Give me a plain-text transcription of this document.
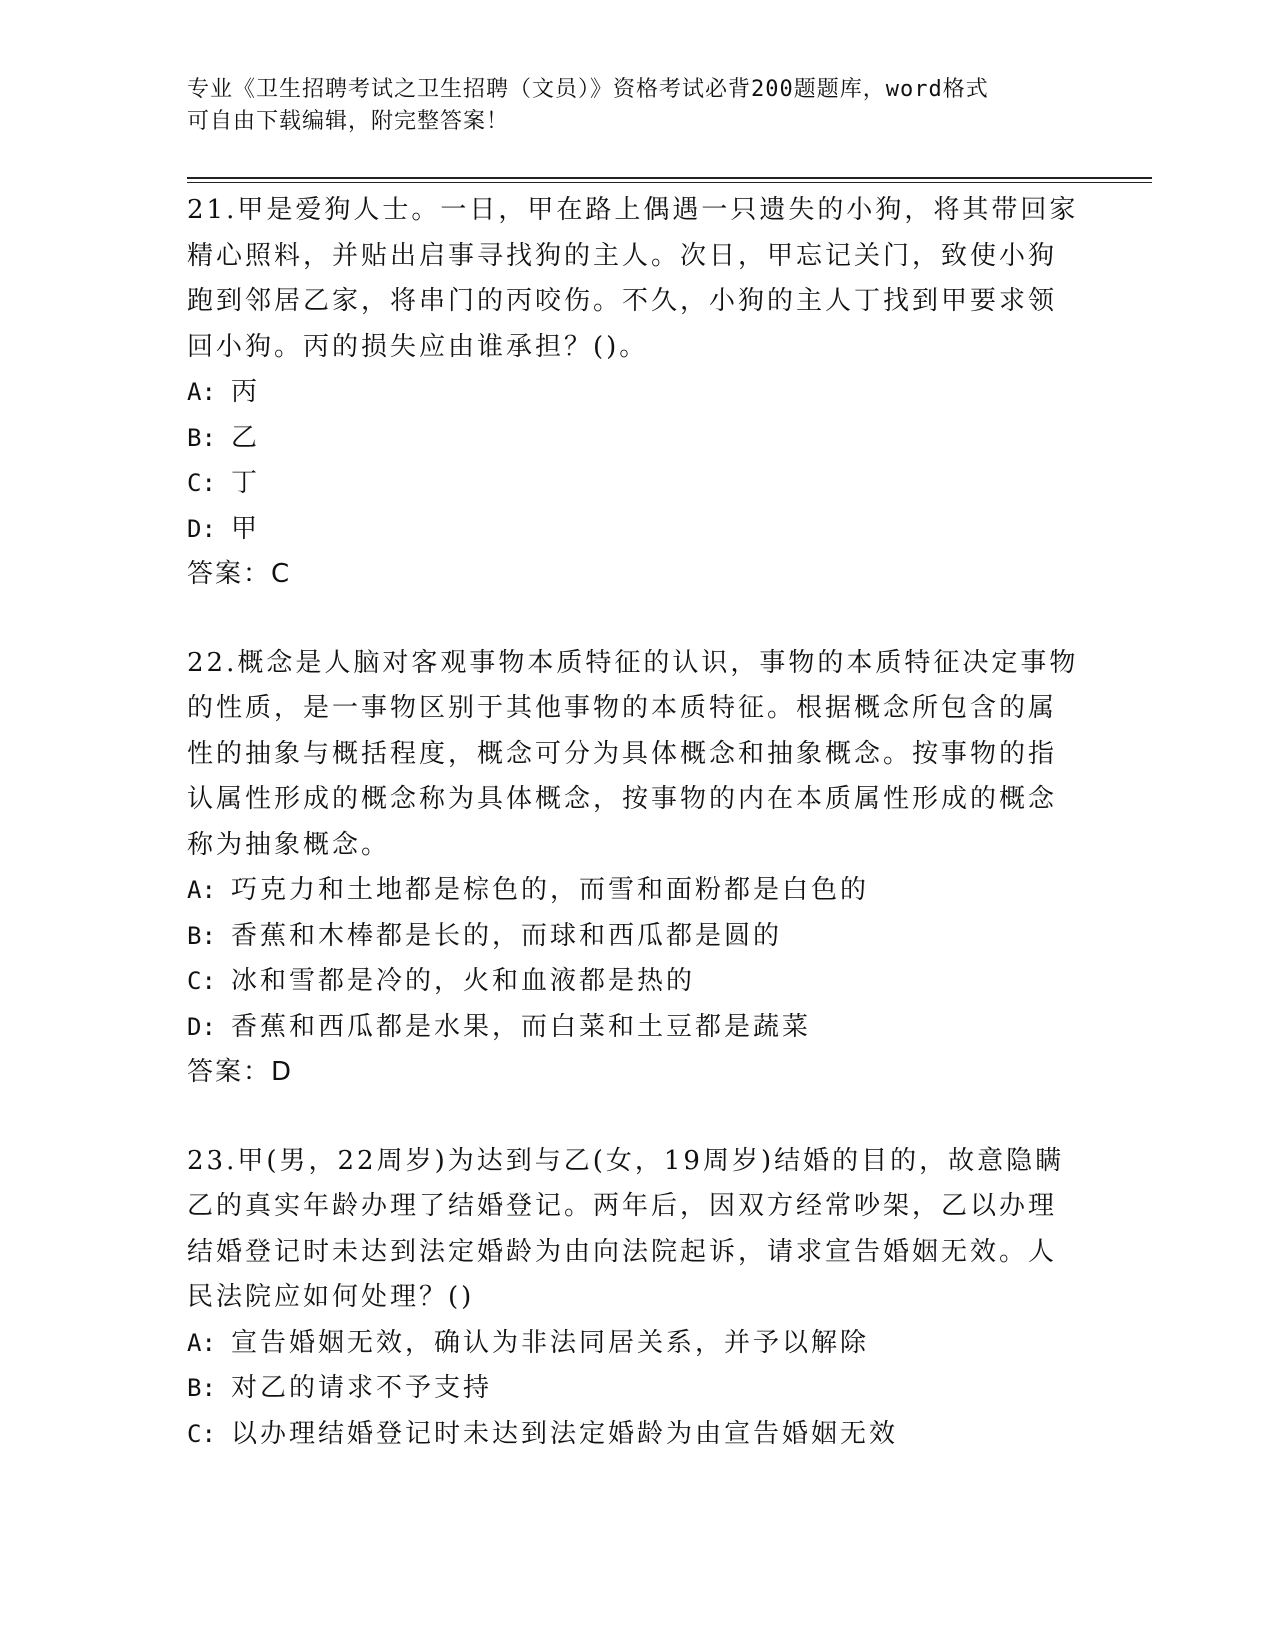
专业《卫生招聘考试之卫生招聘（文员）》资格考试必背200题题库，word格式
可自由下载编辑，附完整答案！
21.甲是爱狗人士。一日，甲在路上偶遇一只遗失的小狗，将其带回家
精心照料，并贴出启事寻找狗的主人。次日，甲忘记关门，致使小狗
跑到邻居乙家，将串门的丙咬伤。不久，小狗的主人丁找到甲要求领
回小狗。丙的损失应由谁承担？()。
A: 丙
B: 乙
C: 丁
D: 甲
答案：C
22.概念是人脑对客观事物本质特征的认识，事物的本质特征决定事物
的性质，是一事物区别于其他事物的本质特征。根据概念所包含的属
性的抽象与概括程度，概念可分为具体概念和抽象概念。按事物的指
认属性形成的概念称为具体概念，按事物的内在本质属性形成的概念
称为抽象概念。
A: 巧克力和土地都是棕色的，而雪和面粉都是白色的
B: 香蕉和木棒都是长的，而球和西瓜都是圆的
C: 冰和雪都是冷的，火和血液都是热的
D: 香蕉和西瓜都是水果，而白菜和土豆都是蔬菜
答案：D
23.甲(男，22周岁)为达到与乙(女，19周岁)结婚的目的，故意隐瞒
乙的真实年龄办理了结婚登记。两年后，因双方经常吵架，乙以办理
结婚登记时未达到法定婚龄为由向法院起诉，请求宣告婚姻无效。人
民法院应如何处理？()
A: 宣告婚姻无效，确认为非法同居关系，并予以解除
B: 对乙的请求不予支持
C: 以办理结婚登记时未达到法定婚龄为由宣告婚姻无效
